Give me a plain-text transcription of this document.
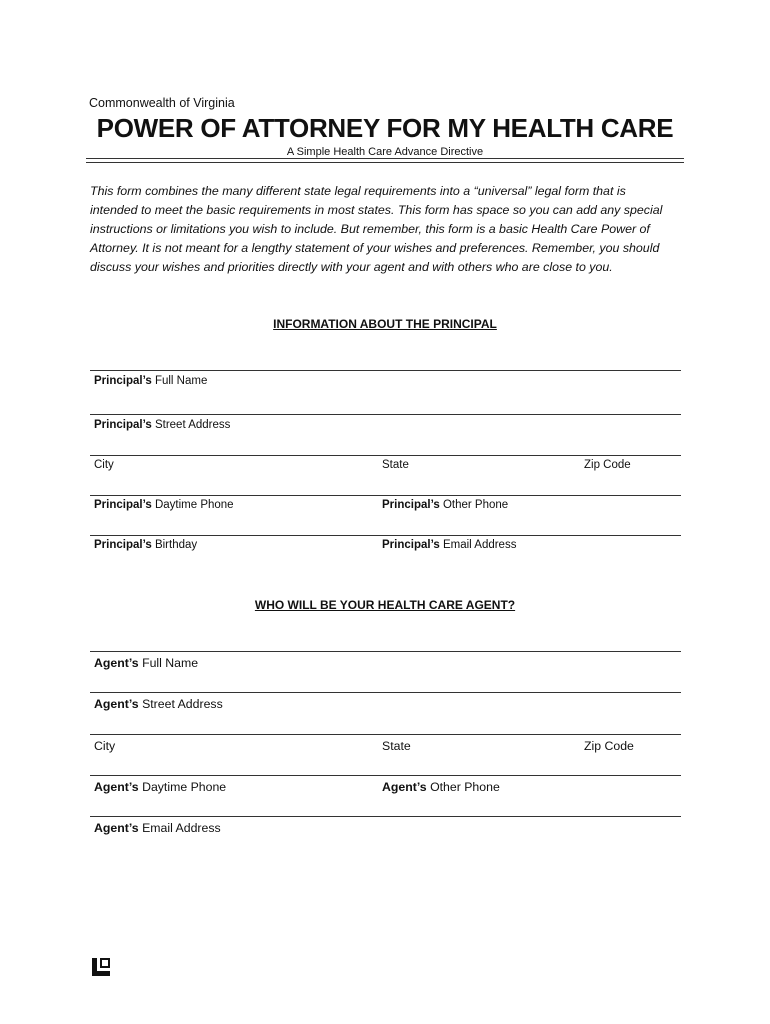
Commonwealth of Virginia
POWER OF ATTORNEY FOR MY HEALTH CARE
A Simple Health Care Advance Directive

This form combines the many different state legal requirements into a “universal” legal form that is
intended to meet the basic requirements in most states. This form has space so you can add any special
instructions or limitations you wish to include. But remember, this form is a basic Health Care Power of
Attorney. It is not meant for a lengthy statement of your wishes and preferences. Remember, you should
discuss your wishes and priorities directly with your agent and with others who are close to you.

INFORMATION ABOUT THE PRINCIPAL
Principal’s Full Name
Principal’s Street Address
City	State	Zip Code
Principal’s Daytime Phone	Principal’s Other Phone
Principal’s Birthday	Principal’s Email Address
WHO WILL BE YOUR HEALTH CARE AGENT?
Agent’s Full Name
Agent’s Street Address
City	State	Zip Code
Agent’s Daytime Phone	Agent’s Other Phone
Agent’s Email Address
